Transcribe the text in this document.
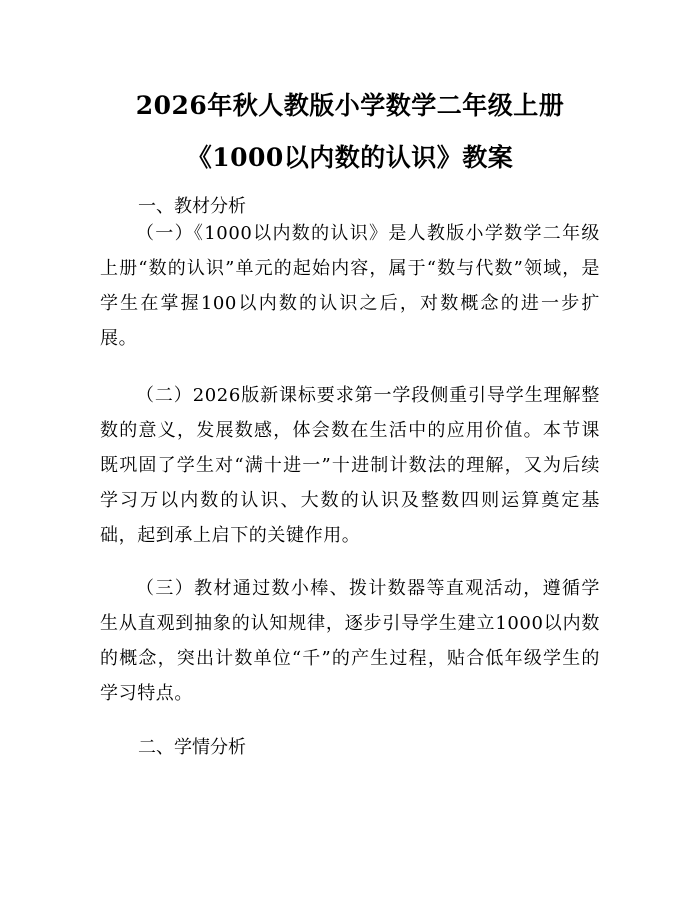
2026年秋人教版小学数学二年级上册《1000以内数的认识》教案
一、教材分析

（一）《1000以内数的认识》是人教版小学数学二年级上册“数的认识”单元的起始内容，属于“数与代数”领域，是学生在掌握100以内数的认识之后，对数概念的进一步扩展。

（二）2026版新课标要求第一学段侧重引导学生理解整数的意义，发展数感，体会数在生活中的应用价值。本节课既巩固了学生对“满十进一”十进制计数法的理解，又为后续学习万以内数的认识、大数的认识及整数四则运算奠定基础，起到承上启下的关键作用。

（三）教材通过数小棒、拨计数器等直观活动，遵循学生从直观到抽象的认知规律，逐步引导学生建立1000以内数的概念，突出计数单位“千”的产生过程，贴合低年级学生的学习特点。

二、学情分析
